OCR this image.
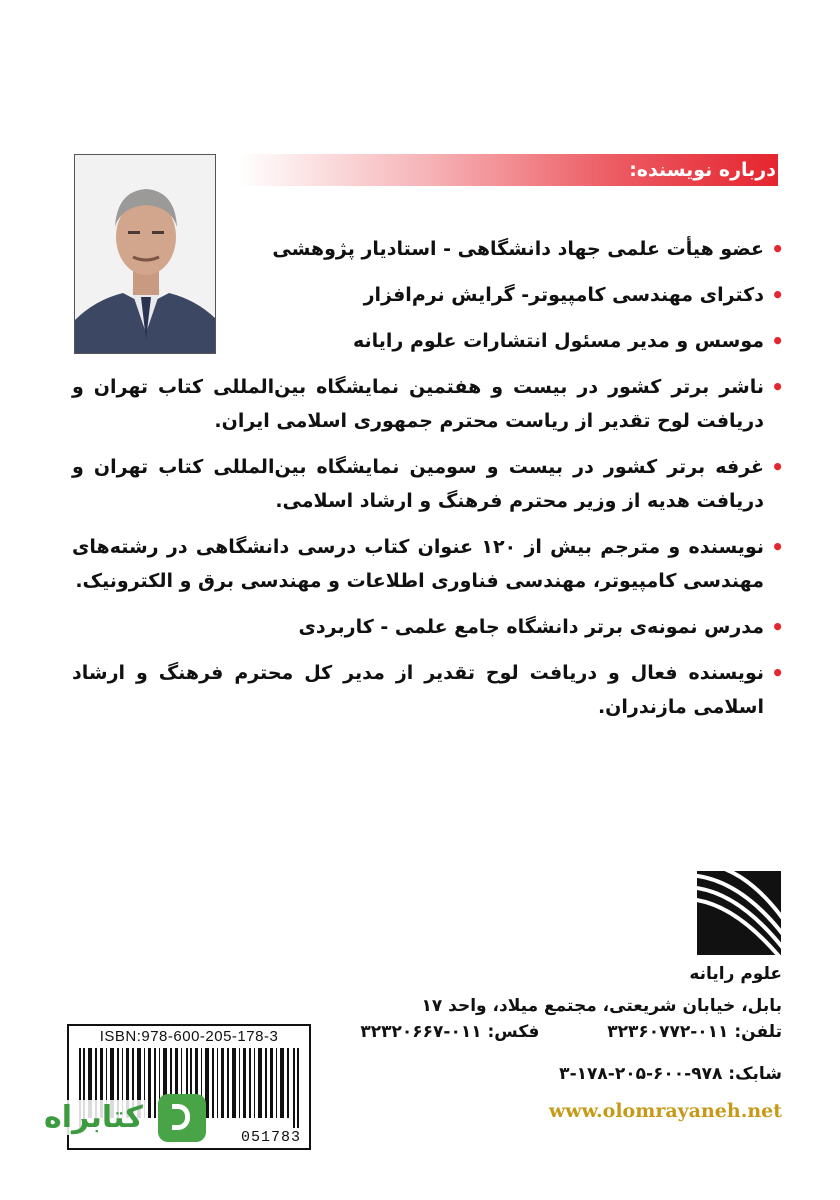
درباره نویسنده:
•
عضو هیأت علمی جهاد دانشگاهی - استادیار پژوهشی
•
دکترای مهندسی کامپیوتر- گرایش نرم‌افزار
•
موسس و مدیر مسئول انتشارات علوم رایانه
•
ناشر برتر کشور در بیست و هفتمین نمایشگاه بین‌المللی کتاب تهران و دریافت لوح تقدیر از ریاست محترم جمهوری اسلامی ایران.
•
غرفه برتر کشور در بیست و سومین نمایشگاه بین‌المللی کتاب تهران و دریافت هدیه از وزیر محترم فرهنگ و ارشاد اسلامی.
•
نویسنده و مترجم بیش از ۱۲۰ عنوان کتاب درسی دانشگاهی در رشته‌های مهندسی کامپیوتر، مهندسی فناوری اطلاعات و مهندسی برق و الکترونیک.
•
مدرس نمونه‌ی برتر دانشگاه جامع علمی - کاربردی
•
نویسنده فعال و دریافت لوح تقدیر از مدیر کل محترم فرهنگ و ارشاد اسلامی مازندران.
علوم رایانه
بابل، خیابان شریعتی، مجتمع میلاد، واحد ۱۷
تلفن: ۰۱۱-۳۲۳۶۰۷۷۲  فکس: ۰۱۱-۳۲۳۲۰۶۶۷
شابک: ۹۷۸-۶۰۰-۲۰۵-۱۷۸-۳
www.olomrayaneh.net
ISBN:978-600-205-178-3
051783
کتابراه
